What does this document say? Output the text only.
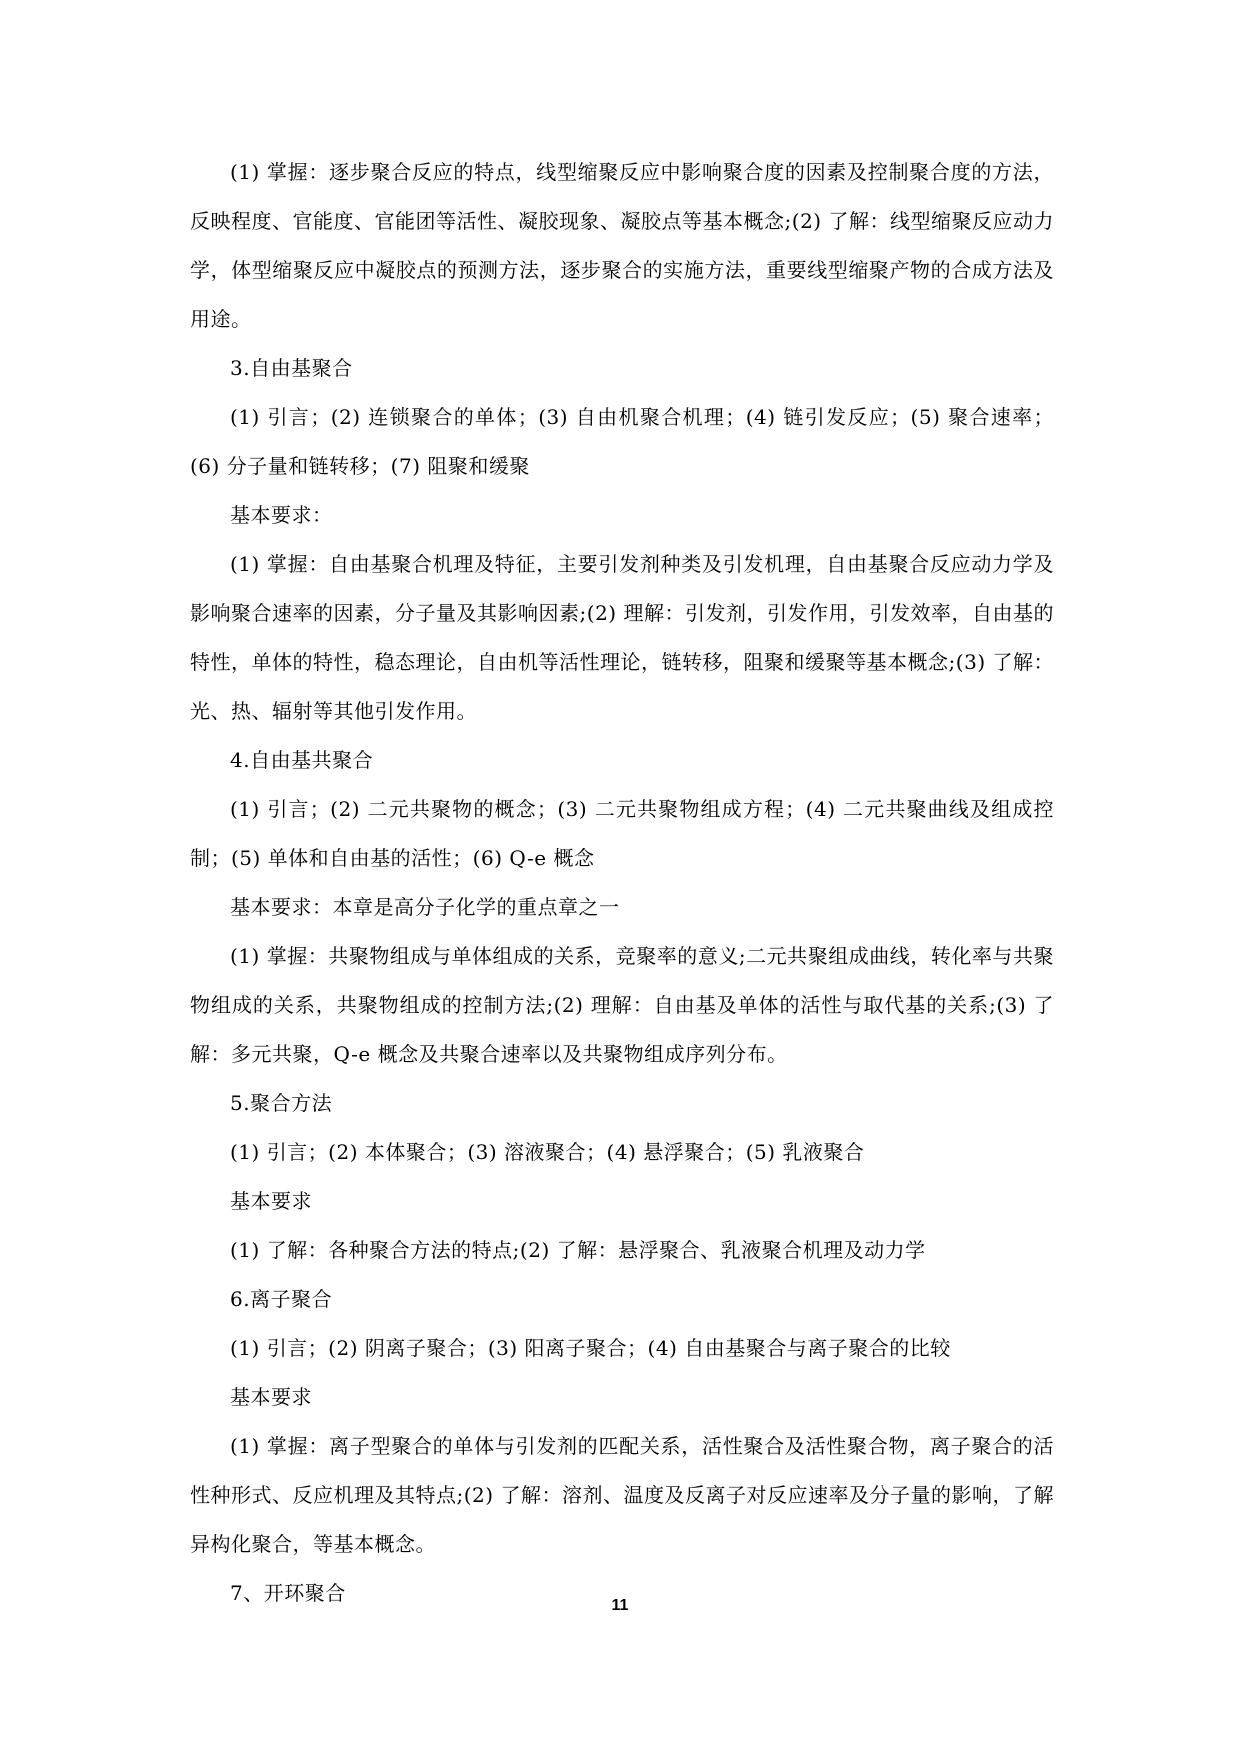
(1) 掌握：逐步聚合反应的特点，线型缩聚反应中影响聚合度的因素及控制聚合度的方法，反映程度、官能度、官能团等活性、凝胶现象、凝胶点等基本概念;(2) 了解：线型缩聚反应动力学，体型缩聚反应中凝胶点的预测方法，逐步聚合的实施方法，重要线型缩聚产物的合成方法及用途。

3.自由基聚合

(1) 引言；(2) 连锁聚合的单体；(3) 自由机聚合机理；(4) 链引发反应；(5) 聚合速率；(6) 分子量和链转移；(7) 阻聚和缓聚

基本要求：

(1) 掌握：自由基聚合机理及特征，主要引发剂种类及引发机理，自由基聚合反应动力学及影响聚合速率的因素，分子量及其影响因素;(2) 理解：引发剂，引发作用，引发效率，自由基的特性，单体的特性，稳态理论，自由机等活性理论，链转移，阻聚和缓聚等基本概念;(3) 了解：光、热、辐射等其他引发作用。

4.自由基共聚合

(1) 引言；(2) 二元共聚物的概念；(3) 二元共聚物组成方程；(4) 二元共聚曲线及组成控制；(5) 单体和自由基的活性；(6) Q-e 概念

基本要求：本章是高分子化学的重点章之一

(1) 掌握：共聚物组成与单体组成的关系，竞聚率的意义;二元共聚组成曲线，转化率与共聚物组成的关系，共聚物组成的控制方法;(2) 理解：自由基及单体的活性与取代基的关系;(3) 了解：多元共聚，Q-e 概念及共聚合速率以及共聚物组成序列分布。

5.聚合方法

(1) 引言；(2) 本体聚合；(3) 溶液聚合；(4) 悬浮聚合；(5) 乳液聚合

基本要求

(1) 了解：各种聚合方法的特点;(2) 了解：悬浮聚合、乳液聚合机理及动力学

6.离子聚合

(1) 引言；(2) 阴离子聚合；(3) 阳离子聚合；(4) 自由基聚合与离子聚合的比较

基本要求

(1) 掌握：离子型聚合的单体与引发剂的匹配关系，活性聚合及活性聚合物，离子聚合的活性种形式、反应机理及其特点;(2) 了解：溶剂、温度及反离子对反应速率及分子量的影响，了解异构化聚合，等基本概念。

7、开环聚合

11
